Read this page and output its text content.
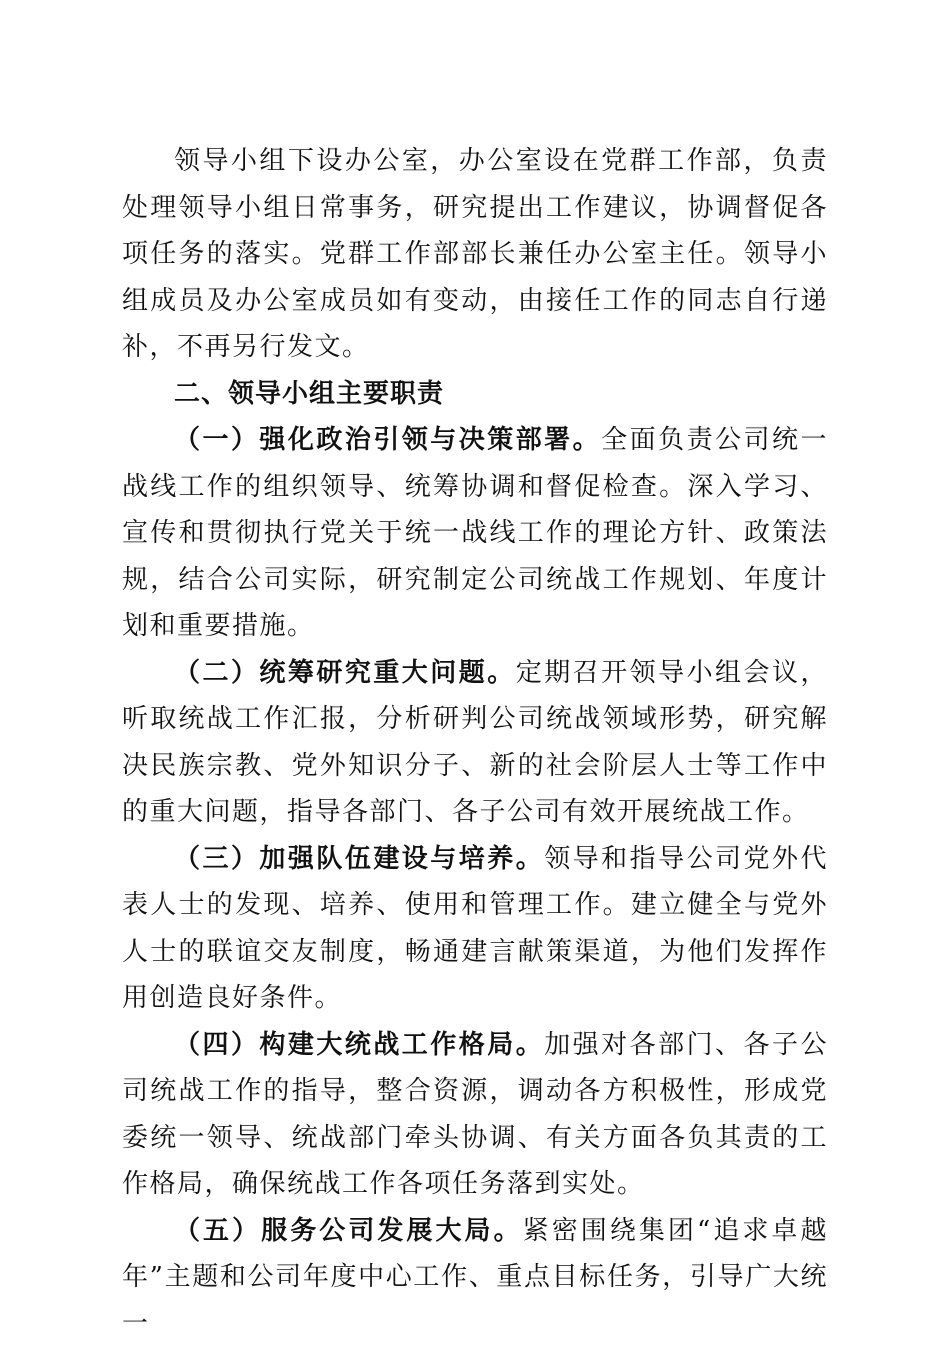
领导小组下设办公室，办公室设在党群工作部，负责处理领导小组日常事务，研究提出工作建议，协调督促各项任务的落实。党群工作部部长兼任办公室主任。领导小组成员及办公室成员如有变动，由接任工作的同志自行递补，不再另行发文。

二、领导小组主要职责

（一）强化政治引领与决策部署。全面负责公司统一战线工作的组织领导、统筹协调和督促检查。深入学习、宣传和贯彻执行党关于统一战线工作的理论方针、政策法规，结合公司实际，研究制定公司统战工作规划、年度计划和重要措施。

（二）统筹研究重大问题。定期召开领导小组会议，听取统战工作汇报，分析研判公司统战领域形势，研究解决民族宗教、党外知识分子、新的社会阶层人士等工作中的重大问题，指导各部门、各子公司有效开展统战工作。

（三）加强队伍建设与培养。领导和指导公司党外代表人士的发现、培养、使用和管理工作。建立健全与党外人士的联谊交友制度，畅通建言献策渠道，为他们发挥作用创造良好条件。

（四）构建大统战工作格局。加强对各部门、各子公司统战工作的指导，整合资源，调动各方积极性，形成党委统一领导、统战部门牵头协调、有关方面各负其责的工作格局，确保统战工作各项任务落到实处。

（五）服务公司发展大局。紧密围绕集团“追求卓越年”主题和公司年度中心工作、重点目标任务，引导广大统一
